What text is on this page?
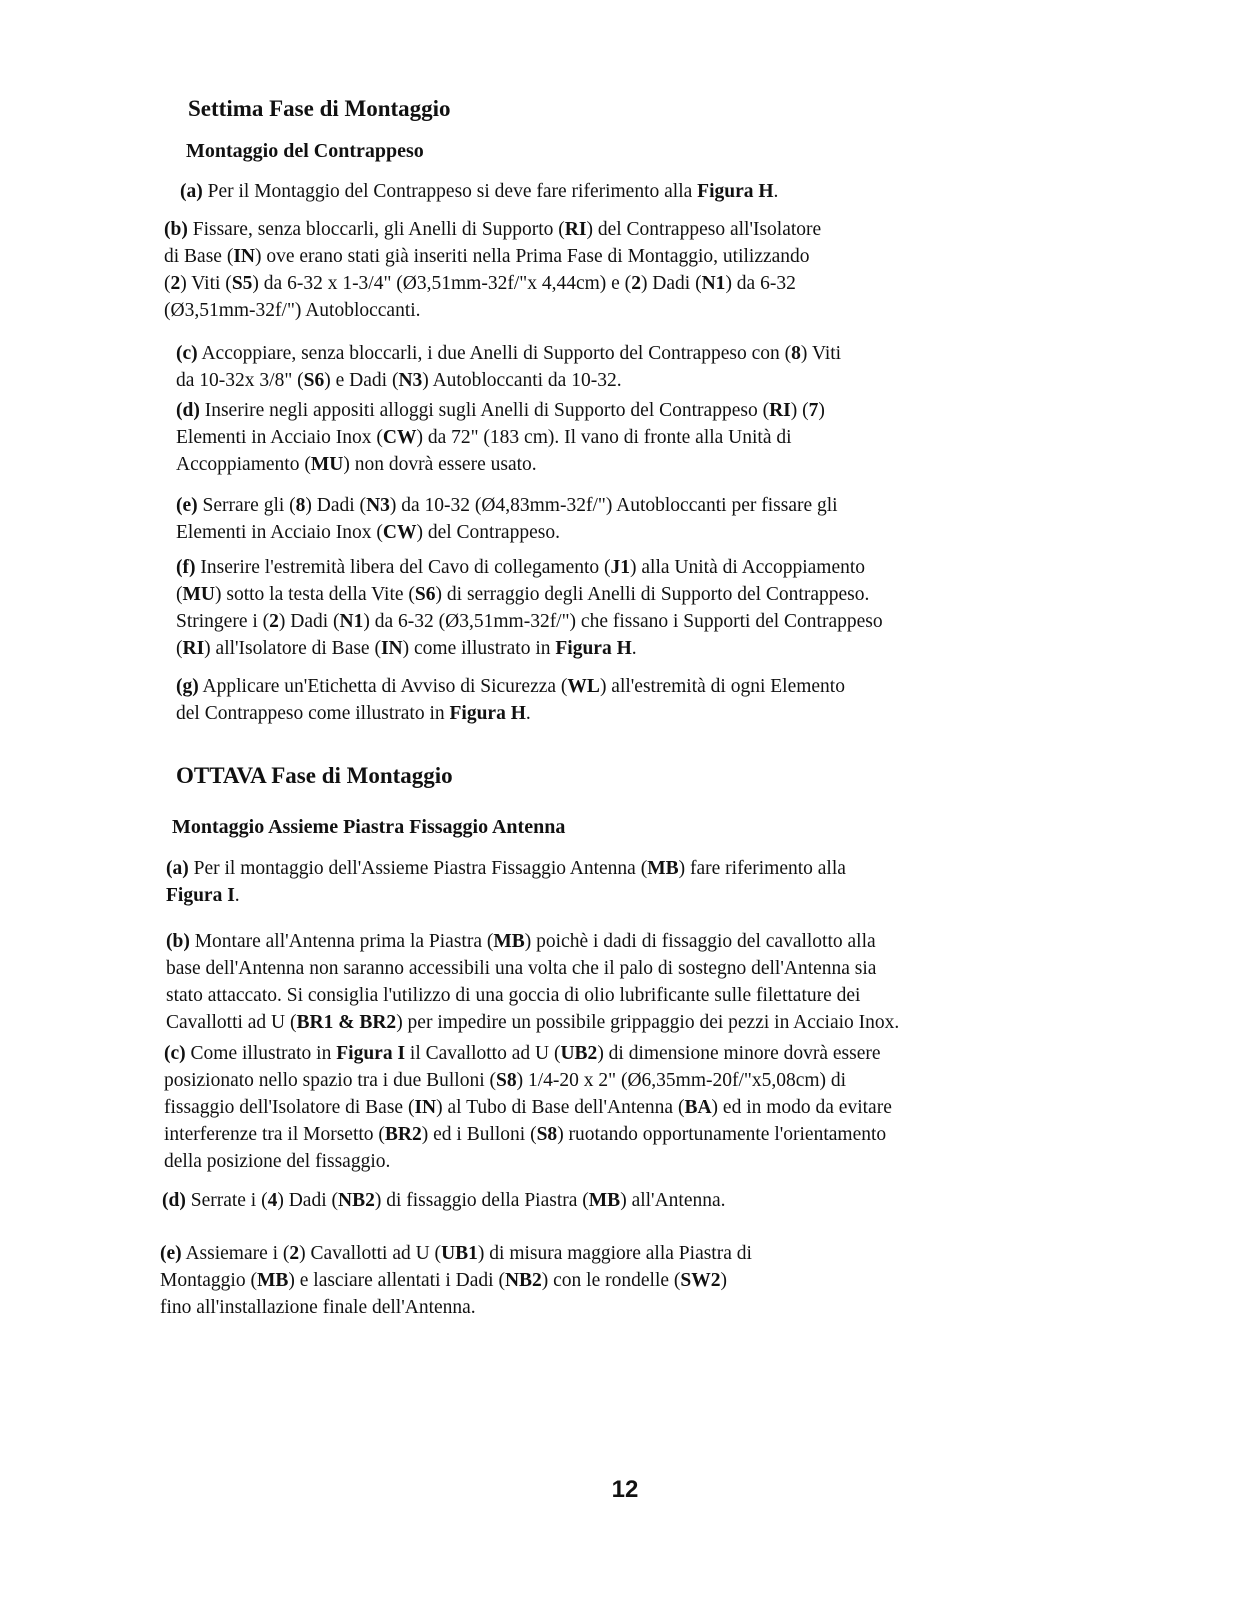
Settima Fase di Montaggio
Montaggio del Contrappeso
(a) Per il Montaggio del Contrappeso si deve fare riferimento alla Figura H.
(b) Fissare, senza bloccarli, gli Anelli di Supporto (RI) del Contrappeso all'Isolatore
di Base (IN) ove erano stati già inseriti nella Prima Fase di Montaggio, utilizzando
(2) Viti (S5) da 6-32 x 1-3/4" (Ø3,51mm-32f/"x 4,44cm) e (2) Dadi (N1) da 6-32
(Ø3,51mm-32f/") Autobloccanti.
(c) Accoppiare, senza bloccarli, i due Anelli di Supporto del Contrappeso con (8) Viti
da 10-32x 3/8" (S6) e Dadi (N3) Autobloccanti da 10-32.
(d) Inserire negli appositi alloggi sugli Anelli di Supporto del Contrappeso (RI) (7)
Elementi in Acciaio Inox (CW) da 72" (183 cm). Il vano di fronte alla Unità di
Accoppiamento (MU) non dovrà essere usato.
(e) Serrare gli (8) Dadi (N3) da 10-32 (Ø4,83mm-32f/") Autobloccanti per fissare gli
Elementi in Acciaio Inox (CW) del Contrappeso.
(f) Inserire l'estremità libera del Cavo di collegamento (J1) alla Unità di Accoppiamento
(MU) sotto la testa della Vite (S6) di serraggio degli Anelli di Supporto del Contrappeso.
Stringere i (2) Dadi (N1) da 6-32 (Ø3,51mm-32f/") che fissano i Supporti del Contrappeso
(RI) all'Isolatore di Base (IN) come illustrato in Figura H.
(g) Applicare un'Etichetta di Avviso di Sicurezza (WL) all'estremità di ogni Elemento
del Contrappeso come illustrato in Figura H.
OTTAVA Fase di Montaggio
Montaggio Assieme Piastra Fissaggio Antenna
(a) Per il montaggio dell'Assieme Piastra Fissaggio Antenna (MB) fare riferimento alla
Figura I.
(b) Montare all'Antenna prima la Piastra (MB) poichè i dadi di fissaggio del cavallotto alla
base dell'Antenna non saranno accessibili una volta che il palo di sostegno dell'Antenna sia
stato attaccato. Si consiglia l'utilizzo di una goccia di olio lubrificante sulle filettature dei
Cavallotti ad U (BR1 & BR2) per impedire un possibile grippaggio dei pezzi in Acciaio Inox.
(c) Come illustrato in Figura I il Cavallotto ad U (UB2) di dimensione minore dovrà essere
posizionato nello spazio tra i due Bulloni (S8) 1/4-20 x 2" (Ø6,35mm-20f/"x5,08cm) di
fissaggio dell'Isolatore di Base (IN) al Tubo di Base dell'Antenna (BA) ed in modo da evitare
interferenze tra il Morsetto (BR2) ed i Bulloni (S8) ruotando opportunamente l'orientamento
della posizione del fissaggio.
(d) Serrate i (4) Dadi (NB2) di fissaggio della Piastra (MB) all'Antenna.
(e) Assiemare i (2) Cavallotti ad U (UB1) di misura maggiore alla Piastra di
Montaggio (MB) e lasciare allentati i Dadi (NB2) con le rondelle (SW2)
fino all'installazione finale dell'Antenna.
12
